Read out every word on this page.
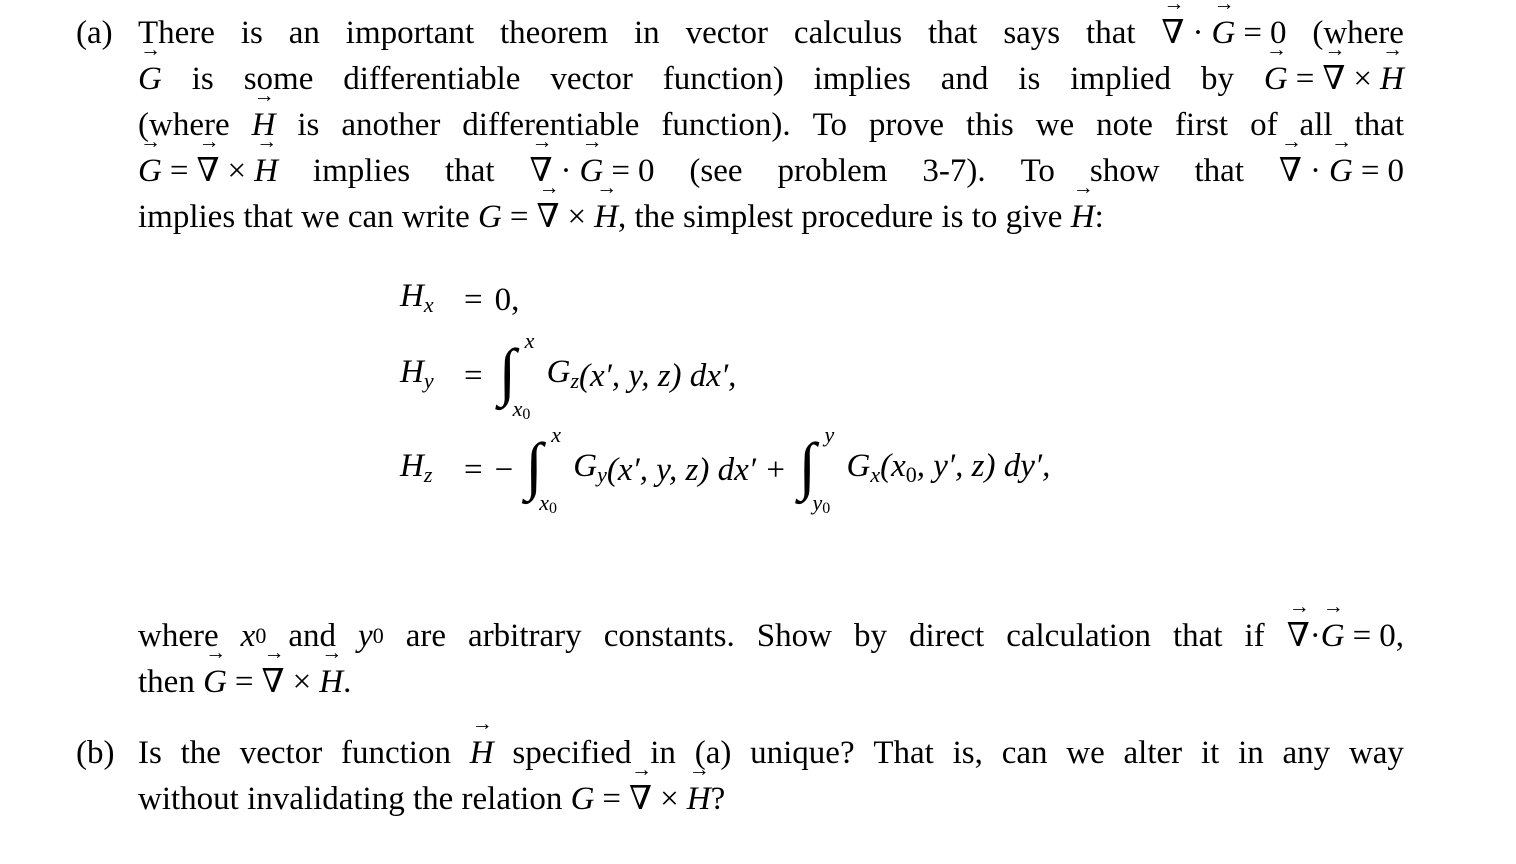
(a) There is an important theorem in vector calculus that says that → ∇ · → G = 0 (where
→ G is some differentiable vector function) implies and is implied by → G = → ∇ × → H
(where → H is another differentiable function). To prove this we note first of all that
→ G = → ∇ × → H implies that → ∇ · → G = 0 (see problem 3-7). To show that → ∇ · → G = 0
implies that we can write G = → ∇ × → H , the simplest procedure is to give → H :
$H_x = 0$,
$H_y$ = ∫ x
x0
$G_z$ (x′, y, z) dx′,
$H_z$ = − ∫ x
x0
$G_y$ (x′, y, z) dx′ + ∫ y
y0
$G_x$ ($x_0$, y′, z) dy′,
where x 0 and y 0 are arbitrary constants. Show by direct calculation that if → ∇ · → G = 0,
then → G = → ∇ × → H .
(b) Is the vector function → H specified in (a) unique? That is, can we alter it in any way
without invalidating the relation G = → ∇ × → H ?
